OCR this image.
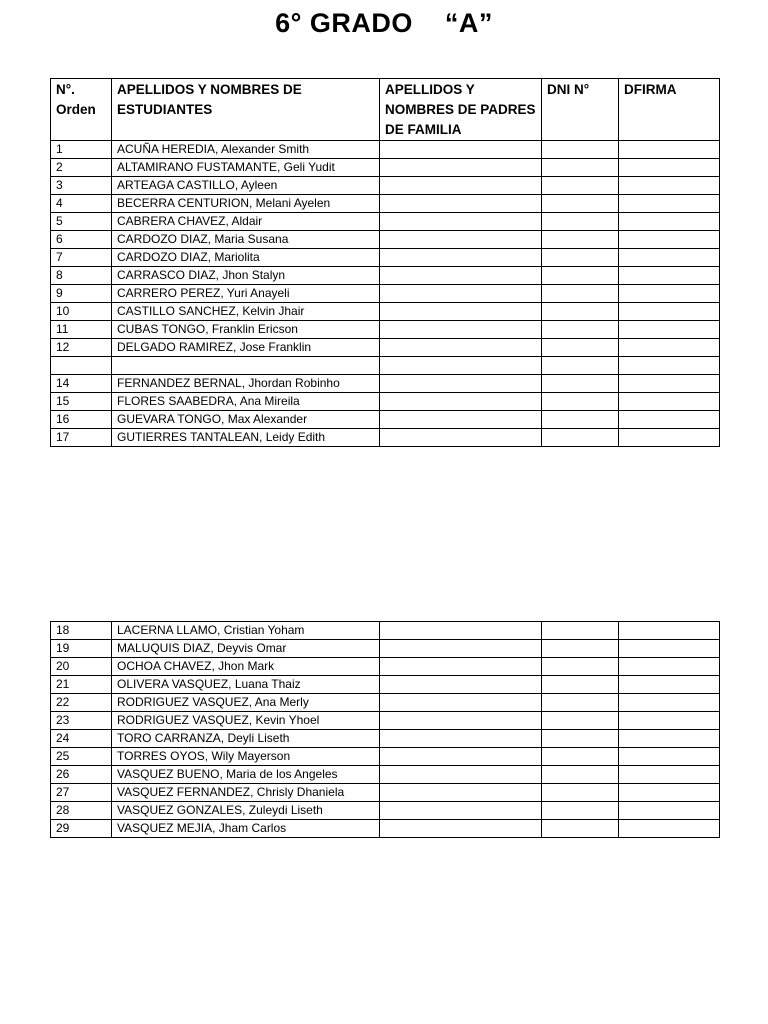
6° GRADO    “A”
N°. Orden	APELLIDOS Y NOMBRES DE ESTUDIANTES	APELLIDOS Y NOMBRES DE PADRES DE FAMILIA	DNI N°	DFIRMA
1	ACUÑA HEREDIA, Alexander Smith			
2	ALTAMIRANO FUSTAMANTE, Geli Yudit			
3	ARTEAGA CASTILLO, Ayleen			
4	BECERRA CENTURION, Melani Ayelen			
5	CABRERA CHAVEZ, Aldair			
6	CARDOZO DIAZ, Maria Susana			
7	CARDOZO DIAZ, Mariolita			
8	CARRASCO DIAZ, Jhon Stalyn			
9	CARRERO PEREZ, Yuri Anayeli			
10	CASTILLO SANCHEZ, Kelvin Jhair			
11	CUBAS TONGO, Franklin Ericson			
12	DELGADO RAMIREZ, Jose Franklin			

14	FERNANDEZ BERNAL, Jhordan Robinho			
15	FLORES SAABEDRA, Ana Mireila			
16	GUEVARA TONGO, Max Alexander			
17	GUTIERRES TANTALEAN, Leidy Edith			
18	LACERNA LLAMO, Cristian Yoham			
19	MALUQUIS DIAZ, Deyvis Omar			
20	OCHOA CHAVEZ, Jhon Mark			
21	OLIVERA VASQUEZ, Luana Thaiz			
22	RODRIGUEZ VASQUEZ, Ana Merly			
23	RODRIGUEZ VASQUEZ, Kevin Yhoel			
24	TORO CARRANZA, Deyli Liseth			
25	TORRES OYOS, Wily Mayerson			
26	VASQUEZ BUENO, Maria de los Angeles			
27	VASQUEZ FERNANDEZ, Chrisly Dhaniela			
28	VASQUEZ GONZALES, Zuleydi Liseth			
29	VASQUEZ MEJIA, Jham Carlos			
